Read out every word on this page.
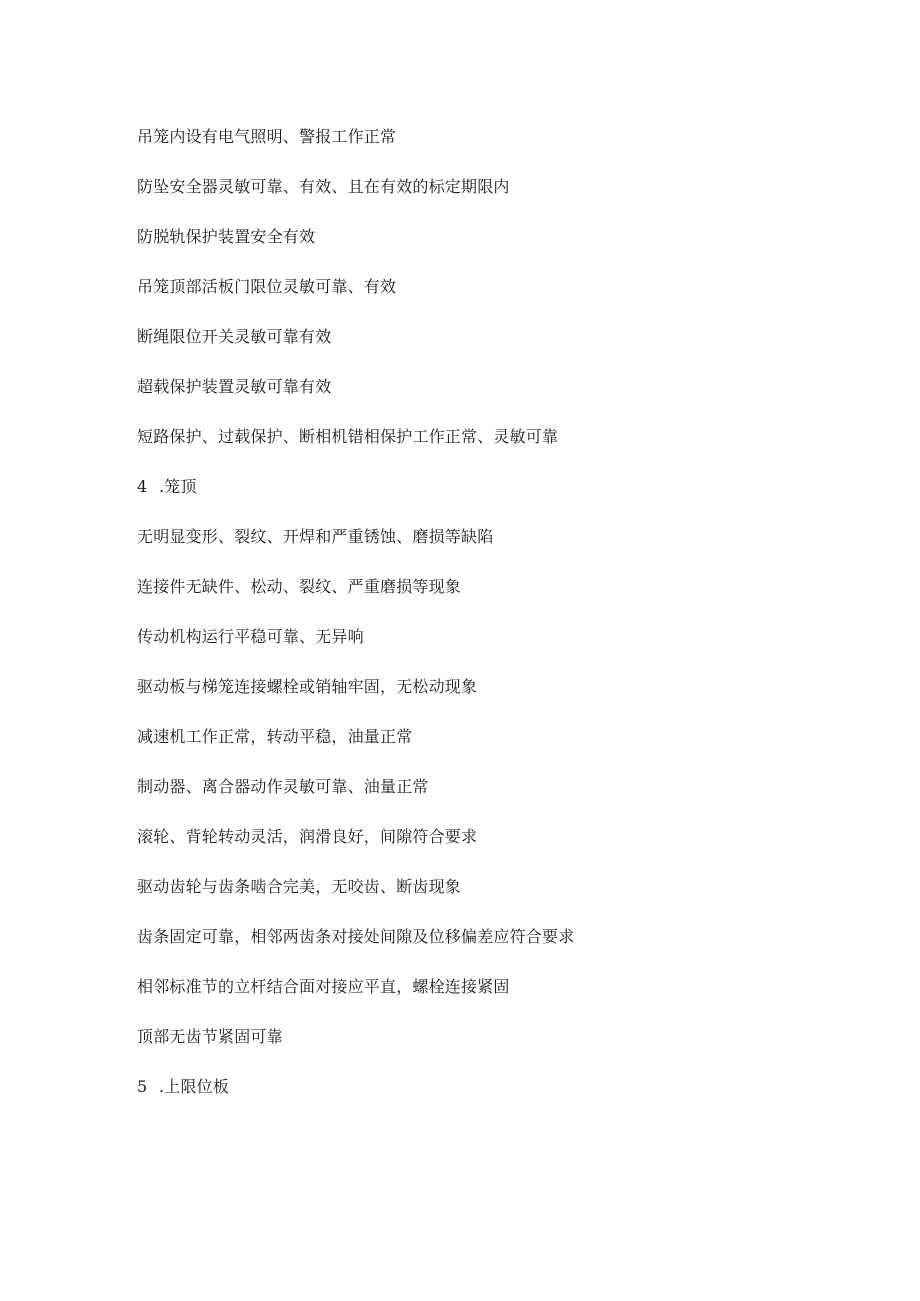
吊笼内设有电气照明、警报工作正常
防坠安全器灵敏可靠、有效、且在有效的标定期限内
防脱轨保护装置安全有效
吊笼顶部活板门限位灵敏可靠、有效
断绳限位开关灵敏可靠有效
超载保护装置灵敏可靠有效
短路保护、过载保护、断相机错相保护工作正常、灵敏可靠
4 .笼顶
无明显变形、裂纹、开焊和严重锈蚀、磨损等缺陷
连接件无缺件、松动、裂纹、严重磨损等现象
传动机构运行平稳可靠、无异响
驱动板与梯笼连接螺栓或销轴牢固，无松动现象
减速机工作正常，转动平稳，油量正常
制动器、离合器动作灵敏可靠、油量正常
滚轮、背轮转动灵活，润滑良好，间隙符合要求
驱动齿轮与齿条啮合完美，无咬齿、断齿现象
齿条固定可靠，相邻两齿条对接处间隙及位移偏差应符合要求
相邻标准节的立杆结合面对接应平直，螺栓连接紧固
顶部无齿节紧固可靠
5 .上限位板
